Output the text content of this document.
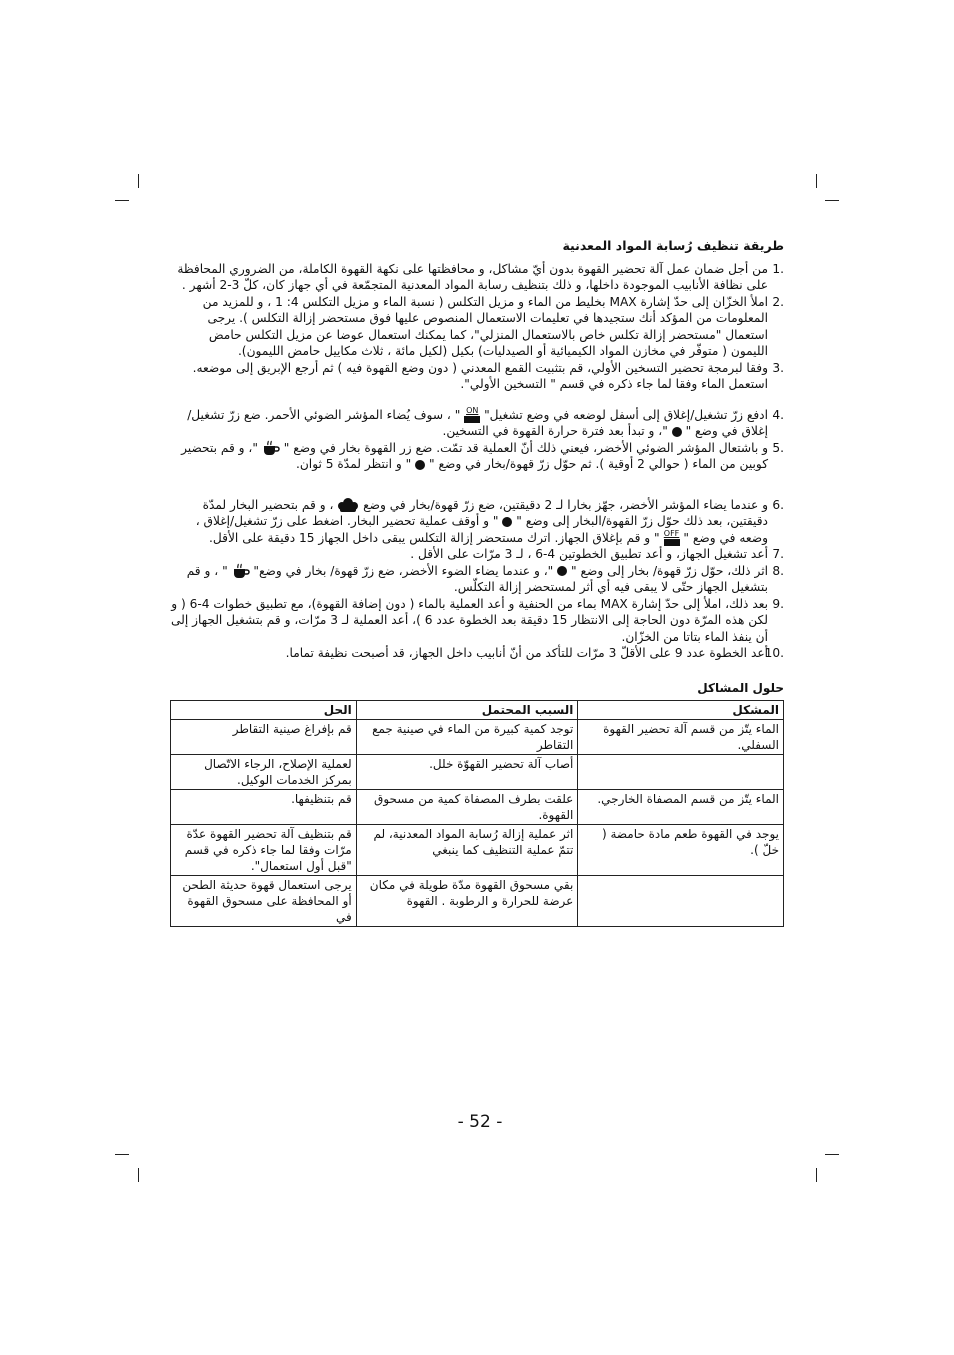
طريقة تنظيف رُسابة المواد المعدنية
1.

من أجل ضمان عمل آلة تحضير القهوة بدون أيّ مشاكل، و محافظتها على نكهة القهوة الكاملة، من الضروري المحافظة على نظافة الأنابيب الموجودة داخلها، و ذلك بتنظيف رسابة المواد المعدنية المتجمّعة في أي جهاز كان، كلّ 3-2 أشهر .

2.

املأ الخزّان إلى حدّ إشارة MAX بخليط من الماء و مزيل التكلس ( نسبة الماء و مزيل التكلس 4: 1 ، و للمزيد من المعلومات من المؤكد أنك ستجيدها في تعليمات الاستعمال المنصوص عليها فوق مستحضر إزالة التكلس ). يرجى استعمال "مستحضر إزالة تكلس خاص بالاستعمال المنزلي"، كما يمكنك استعمال عوضا عن مزيل التكلس حامض الليمون ( متوفّر في مخازن المواد الكيميائية أو الصيدليات) بكيل (لكيل مائة ، ثلاث مكاييل حامض الليمون).

3.

وفقا لبرمجة تحضير التسخين الأولي، قم بتثبيت القمع المعدني ( دون وضع القهوة فيه ) ثم أرجع الإبريق إلى موضعه. استعمل الماء وفقا لما جاء ذكره في قسم " التسخين الأولي".

4.

ادفع زرّ تشغيل/إغلاق إلى أسفل لوضعه في وضع تشغيل"
ON
" ، سوف يُضاء المؤشر الضوئي الأحمر. ضع زرّ تشغيل/إغلاق في وضع "  "، و تبدأ بعد فترة حرارة القهوة في التسخين.

5.

و باشتعال المؤشر الضوئي الأخضر، فيعني ذلك أنّ العملية قد تمّت. ضع زر القهوة بخار في وضع "  "، و قم بتحضير كوبين من الماء ( حوالي 2 أوقية ). ثم حوّل زرّ قهوة/بخار في وضع "  " و انتظر لمدّة 5 ثوان.

6.

و عندما يضاء المؤشر الأخضر، جهّز بخارا لـ 2 دقيقتين، ضع زرّ قهوة/بخار في وضع  ، و قم بتحضير البخار لمدّة دقيقتين، بعد ذلك حوّل زرّ القهوة/البخار إلى وضع "  " و أوقف عملية تحضير البخار. اضغط على زرّ تشغيل/إغلاق ، وضعه في وضع "
OFF
" و قم بإغلاق الجهاز. اترك مستحضر إزالة التكلس يبقى داخل الجهاز 15 دقيقة على الأقل.

7.

أعد تشغيل الجهاز، و أعد تطبيق الخطوتين 4-6 ، لـ 3 مرّات على الأقل .

8.

اثر ذلك، حوّل زرّ قهوة/ بخار إلى وضع "  "، و عندما يضاء الضوء الأخضر، ضع زرّ قهوة/ بخار في وضع"  " ، و قم بتشغيل الجهاز حتّى لا يبقى فيه أي أثر لمستحضر إزالة التكلّس.

9.

بعد ذلك، املأ إلى حدّ إشارة MAX بماء من الحنفية و أعد العملية بالماء ( دون إضافة القهوة)، مع تطبيق خطوات 4-6 ( و لكن هذه المرّة دون الحاجة إلى الانتظار 15 دقيقة بعد الخطوة عدد 6 )، أعد العملية لـ 3 مرّات، و قم بتشغيل الجهاز إلى أن ينفذ الماء بتاتا من الخزّان.

10.

أعد الخطوة عدد 9 على الأقلّ 3 مرّات للتأكد من أنّ أنابيب داخل الجهاز، قد أصبحت نظيفة تماما.

حلول المشاكل
المشكل	السبب المحتمل	الحل
الماء يتّز من قسم آلة تحضير القهوة السفلي.	توجد كمية كبيرة من الماء في صينية جمع التقاطر	قم بإفراغ صينية التقاطر
	أصاب آلة تحضير القهوّة خلل.	لعملية الإصلاح، الرجاء الاتّصال بمركز الخدمات الوكيل.
الماء يتّز من قسم المصفاة الخارجي.	علقت بطرف المصفاة كمية من مسحوق القهوة.	قم بتنظيفها.
يوجد في القهوة طعم مادة حامضة ( خلّ ).	اثر عملية إزالة رُسابة المواد المعدنية، لم تتمّ عملية التنظيف كما ينبغي	قم بتنظيف آلة تحضير القهوة عدّة مرّات وفقا لما جاء ذكره في قسم "قبل أول استعمال".
	بقي مسحوق القهوة مدّة طويلة في مكان عرضة للحرارة و الرطوبة . القهوة	يرجى استعمال قهوة حديثة الطحن أو المحافظة على مسحوق القهوة في
- 52 -
